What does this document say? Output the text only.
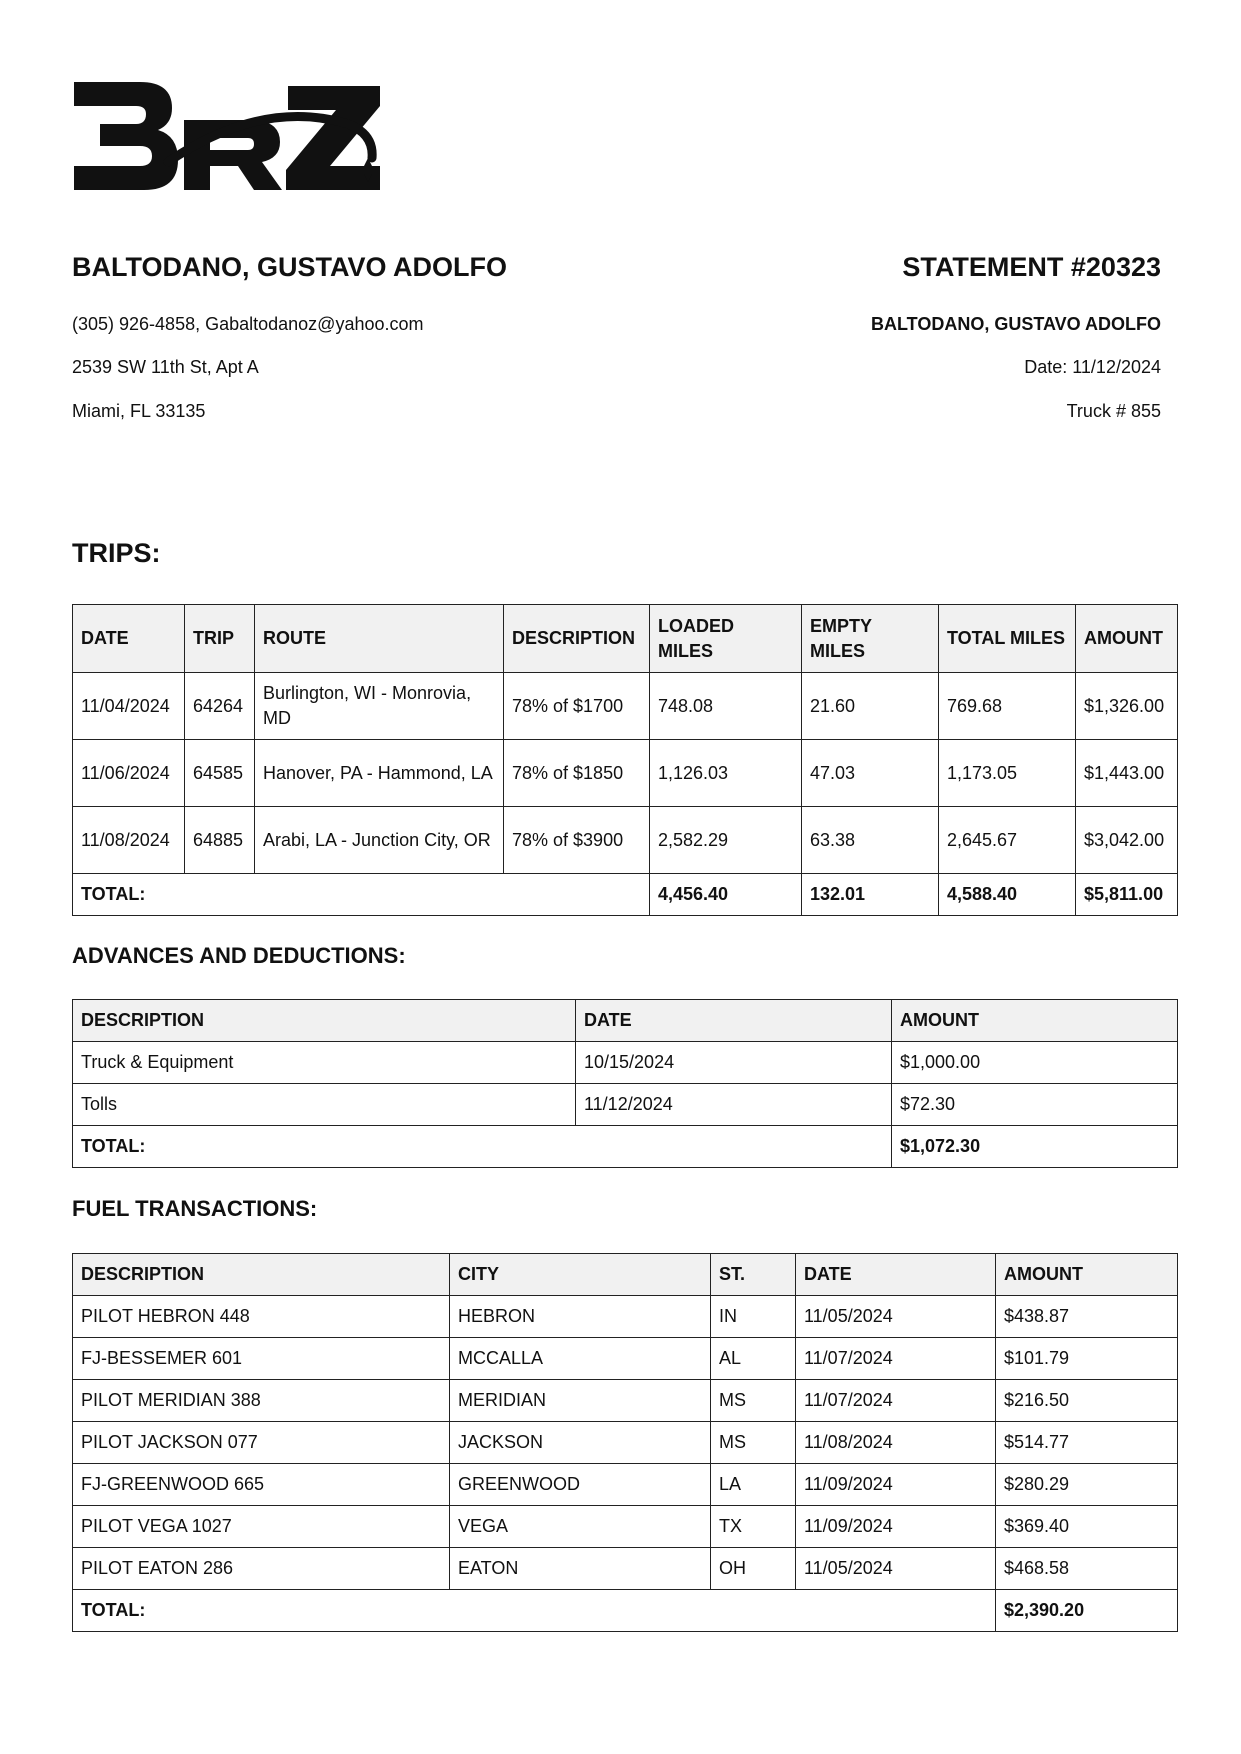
BALTODANO, GUSTAVO ADOLFO
(305) 926-4858, Gabaltodanoz@yahoo.com
2539 SW 11th St, Apt A
Miami, FL 33135
STATEMENT #20323
BALTODANO, GUSTAVO ADOLFO
Date: 11/12/2024
Truck # 855
TRIPS:
DATE	TRIP	ROUTE	DESCRIPTION	LOADED MILES	EMPTY MILES	TOTAL MILES	AMOUNT
11/04/2024	64264	Burlington, WI - Monrovia, MD	78% of $1700	748.08	21.60	769.68	$1,326.00
11/06/2024	64585	Hanover, PA - Hammond, LA	78% of $1850	1,126.03	47.03	1,173.05	$1,443.00
11/08/2024	64885	Arabi, LA - Junction City, OR	78% of $3900	2,582.29	63.38	2,645.67	$3,042.00
TOTAL:				4,456.40	132.01	4,588.40	$5,811.00
ADVANCES AND DEDUCTIONS:
DESCRIPTION	DATE	AMOUNT
Truck & Equipment	10/15/2024	$1,000.00
Tolls	11/12/2024	$72.30
TOTAL:		$1,072.30
FUEL TRANSACTIONS:
DESCRIPTION	CITY	ST.	DATE	AMOUNT
PILOT HEBRON 448	HEBRON	IN	11/05/2024	$438.87
FJ-BESSEMER 601	MCCALLA	AL	11/07/2024	$101.79
PILOT MERIDIAN 388	MERIDIAN	MS	11/07/2024	$216.50
PILOT JACKSON 077	JACKSON	MS	11/08/2024	$514.77
FJ-GREENWOOD 665	GREENWOOD	LA	11/09/2024	$280.29
PILOT VEGA 1027	VEGA	TX	11/09/2024	$369.40
PILOT EATON 286	EATON	OH	11/05/2024	$468.58
TOTAL:				$2,390.20
